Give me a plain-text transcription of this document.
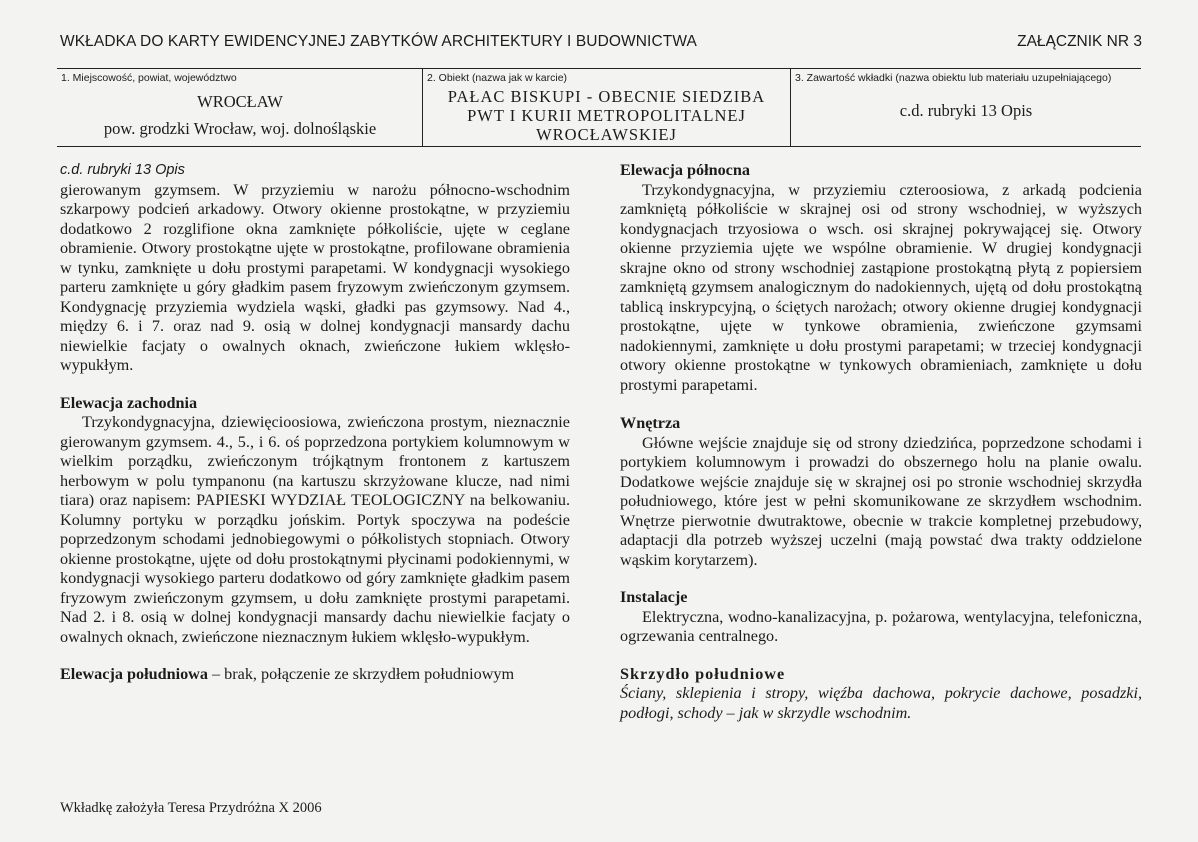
WKŁADKA DO KARTY EWIDENCYJNEJ ZABYTKÓW ARCHITEKTURY I BUDOWNICTWA	ZAŁĄCZNIK NR 3
1. Miejscowość, powiat, województwo
WROCŁAW
pow. grodzki Wrocław, woj. dolnośląskie
2. Obiekt (nazwa jak w karcie)
PAŁAC BISKUPI - OBECNIE SIEDZIBA
PWT I KURII METROPOLITALNEJ
WROCŁAWSKIEJ
3. Zawartość wkładki (nazwa obiektu lub materiału uzupełniającego)
c.d. rubryki 13 Opis

c.d. rubryki 13 Opis

gierowanym gzymsem. W przyziemiu w narożu północno-wschodnim szkarpowy podcień arkadowy. Otwory okienne prostokątne, w przyziemiu dodatkowo 2 rozglifione okna zamknięte półkoliście, ujęte w ceglane obramienie. Otwory prostokątne ujęte w prostokątne, profilowane obramienia w tynku, zamknięte u dołu prostymi parapetami. W kondygnacji wysokiego parteru zamknięte u góry gładkim pasem fryzowym zwieńczonym gzymsem. Kondygnację przyziemia wydziela wąski, gładki pas gzymsowy. Nad 4., między 6. i 7. oraz nad 9. osią w dolnej kondygnacji mansardy dachu niewielkie facjaty o owalnych oknach, zwieńczone łukiem wklęsło-wypukłym.

Elewacja zachodnia

Trzykondygnacyjna, dziewięcioosiowa, zwieńczona prostym, nieznacznie gierowanym gzymsem. 4., 5., i 6. oś poprzedzona portykiem kolumnowym w wielkim porządku, zwieńczonym trójkątnym frontonem z kartuszem herbowym w polu tympanonu (na kartuszu skrzyżowane klucze, nad nimi tiara) oraz napisem: PAPIESKI WYDZIAŁ TEOLOGICZNY na belkowaniu. Kolumny portyku w porządku jońskim. Portyk spoczywa na podeście poprzedzonym schodami jednobiegowymi o półkolistych stopniach. Otwory okienne prostokątne, ujęte od dołu prostokątnymi płycinami podokiennymi, w kondygnacji wysokiego parteru dodatkowo od góry zamknięte gładkim pasem fryzowym zwieńczonym gzymsem, u dołu zamknięte prostymi parapetami. Nad 2. i 8. osią w dolnej kondygnacji mansardy dachu niewielkie facjaty o owalnych oknach, zwieńczone nieznacznym łukiem wklęsło-wypukłym.

Elewacja południowa – brak, połączenie ze skrzydłem południowym

Elewacja północna

Trzykondygnacyjna, w przyziemiu czteroosiowa, z arkadą podcienia zamkniętą półkoliście w skrajnej osi od strony wschodniej, w wyższych kondygnacjach trzyosiowa o wsch. osi skrajnej pokrywającej się. Otwory okienne przyziemia ujęte we wspólne obramienie. W drugiej kondygnacji skrajne okno od strony wschodniej zastąpione prostokątną płytą z popiersiem zamkniętą gzymsem analogicznym do nadokiennych, ujętą od dołu prostokątną tablicą inskrypcyjną, o ściętych narożach; otwory okienne drugiej kondygnacji prostokątne, ujęte w tynkowe obramienia, zwieńczone gzymsami nadokiennymi, zamknięte u dołu prostymi parapetami; w trzeciej kondygnacji otwory okienne prostokątne w tynkowych obramieniach, zamknięte u dołu prostymi parapetami.

Wnętrza

Główne wejście znajduje się od strony dziedzińca, poprzedzone schodami i portykiem kolumnowym i prowadzi do obszernego holu na planie owalu. Dodatkowe wejście znajduje się w skrajnej osi po stronie wschodniej skrzydła południowego, które jest w pełni skomunikowane ze skrzydłem wschodnim. Wnętrze pierwotnie dwutraktowe, obecnie w trakcie kompletnej przebudowy, adaptacji dla potrzeb wyższej uczelni (mają powstać dwa trakty oddzielone wąskim korytarzem).

Instalacje

Elektryczna, wodno-kanalizacyjna, p. pożarowa, wentylacyjna, telefoniczna, ogrzewania centralnego.

Skrzydło południowe

Ściany, sklepienia i stropy, więźba dachowa, pokrycie dachowe, posadzki, podłogi, schody – jak w skrzydle wschodnim.

Wkładkę założyła Teresa Przydróżna X 2006
